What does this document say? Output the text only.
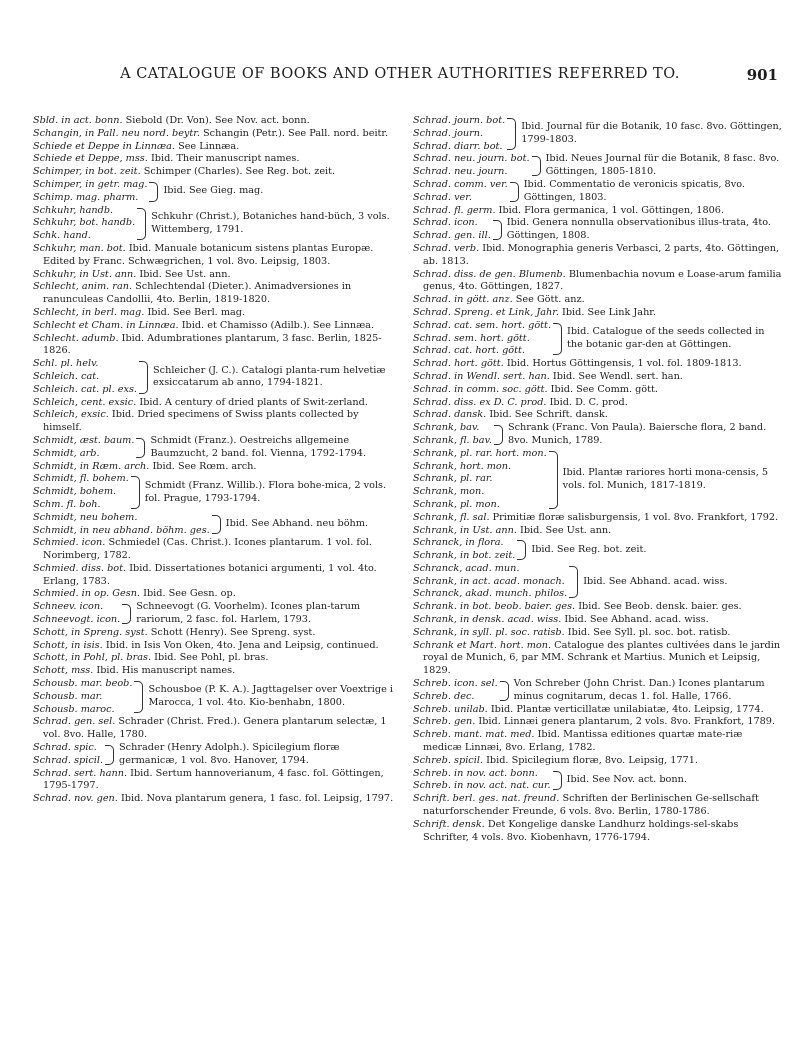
A CATALOGUE OF BOOKS AND OTHER AUTHORITIES REFERRED TO.	901

Sbld. in act. bonn. Siebold (Dr. Von). See Nov. act. bonn.

Schangin, in Pall. neu nord. beytr. Schangin (Petr.). See Pall. nord. beitr.

Schiede et Deppe in Linnæa. See Linnæa.

Schiede et Deppe, mss. Ibid. Their manuscript names.

Schimper, in bot. zeit. Schimper (Charles). See Reg. bot. zeit.

Schimper, in getr. mag.
Schimp. mag. pharm.
Ibid. See Gieg. mag.
Schkuhr, handb.
Schkuhr, bot. handb.
Schk. hand.
Schkuhr (Christ.), Botaniches hand-büch, 3 vols. Wittemberg, 1791.

Schkuhr, man. bot. Ibid. Manuale botanicum sistens plantas Europæ. Edited by Franc. Schwægrichen, 1 vol. 8vo. Leipsig, 1803.

Schkuhr, in Ust. ann. Ibid. See Ust. ann.

Schlecht, anim. ran. Schlechtendal (Dieter.). Animadversiones in ranunculeas Candollii, 4to. Berlin, 1819-1820.

Schlecht, in berl. mag. Ibid. See Berl. mag.

Schlecht et Cham. in Linnæa. Ibid. et Chamisso (Adilb.). See Linnæa.

Schlecht. adumb. Ibid. Adumbrationes plantarum, 3 fasc. Berlin, 1825-1826.

Schl. pl. helv.
Schleich. cat.
Schleich. cat. pl. exs.
Schleicher (J. C.). Catalogi planta-rum helvetiæ exsiccatarum ab anno, 1794-1821.

Schleich, cent. exsic. Ibid. A century of dried plants of Swit-zerland.

Schleich, exsic. Ibid. Dried specimens of Swiss plants collected by himself.

Schmidt, æst. baum.
Schmidt, arb.
Schmidt (Franz.). Oestreichs allgemeine Baumzucht, 2 band. fol. Vienna, 1792-1794.

Schmidt, in Ræm. arch. Ibid. See Rœm. arch.

Schmidt, fl. bohem.
Schmidt, bohem.
Schm. fl. boh.
Schmidt (Franz. Willib.). Flora bohe-mica, 2 vols. fol. Prague, 1793-1794.
Schmidt, neu bohem.
Schmidt, in neu abhand. böhm. ges.
Ibid. See Abhand. neu böhm.

Schmied. icon. Schmiedel (Cas. Christ.). Icones plantarum. 1 vol. fol. Norimberg, 1782.

Schmied. diss. bot. Ibid. Dissertationes botanici argumenti, 1 vol. 4to. Erlang, 1783.

Schmied. in op. Gesn. Ibid. See Gesn. op.

Schneev. icon.
Schneevogt. icon.
Schneevogt (G. Voorhelm). Icones plan-tarum rariorum, 2 fasc. fol. Harlem, 1793.

Schott, in Spreng. syst. Schott (Henry). See Spreng. syst.

Schott, in isis. Ibid. in Isis Von Oken, 4to. Jena and Leipsig, continued.

Schott, in Pohl, pl. bras. Ibid. See Pohl, pl. bras.

Schott, mss. Ibid. His manuscript names.

Schousb. mar. beob.
Schousb. mar.
Schousb. maroc.
Schousboe (P. K. A.). Jagttagelser over Voextrige i Marocca, 1 vol. 4to. Kio-benhabn, 1800.

Schrad. gen. sel. Schrader (Christ. Fred.). Genera plantarum selectæ, 1 vol. 8vo. Halle, 1780.

Schrad. spic.
Schrad. spicil.
Schrader (Henry Adolph.). Spicilegium floræ germanicæ, 1 vol. 8vo. Hanover, 1794.

Schrad. sert. hann. Ibid. Sertum hannoverianum, 4 fasc. fol. Göttingen, 1795-1797.

Schrad. nov. gen. Ibid. Nova plantarum genera, 1 fasc. fol. Leipsig, 1797.

Schrad. journ. bot.
Schrad. journ.
Schrad. diarr. bot.
Ibid. Journal für die Botanik, 10 fasc. 8vo. Göttingen, 1799-1803.
Schrad. neu. journ. bot.
Schrad. neu. journ.
Ibid. Neues Journal für die Botanik, 8 fasc. 8vo. Göttingen, 1805-1810.
Schrad. comm. ver.
Schrad. ver.
Ibid. Commentatio de veronicis spicatis, 8vo. Göttingen, 1803.

Schrad. fl. germ. Ibid. Flora germanica, 1 vol. Göttingen, 1806.

Schrad. icon.
Schrad. gen. ill.
Ibid. Genera nonnulla observationibus illus-trata, 4to. Göttingen, 1808.

Schrad. verb. Ibid. Monographia generis Verbasci, 2 parts, 4to. Göttingen, ab. 1813.

Schrad. diss. de gen. Blumenb. Blumenbachia novum e Loase-arum familia genus, 4to. Göttingen, 1827.

Schrad. in gött. anz. See Gött. anz.

Schrad. Spreng. et Link, Jahr. Ibid. See Link Jahr.

Schrad. cat. sem. hort. gött.
Schrad. sem. hort. gött.
Schrad. cat. hort. gött.
Ibid. Catalogue of the seeds collected in the botanic gar-den at Göttingen.

Schrad. hort. gött. Ibid. Hortus Göttingensis, 1 vol. fol. 1809-1813.

Schrad. in Wendl. sert. han. Ibid. See Wendl. sert. han.

Schrad. in comm. soc. gött. Ibid. See Comm. gött.

Schrad. diss. ex D. C. prod. Ibid. D. C. prod.

Schrad. dansk. Ibid. See Schrift. dansk.

Schrank, bav.
Schrank, fl. bav.
Schrank (Franc. Von Paula). Baiersche flora, 2 band. 8vo. Munich, 1789.
Schrank, pl. rar. hort. mon.
Schrank, hort. mon.
Schrank, pl. rar.
Schrank, mon.
Schrank, pl. mon.
Ibid. Plantæ rariores horti mona-censis, 5 vols. fol. Munich, 1817-1819.

Schrank, fl. sal. Primitiæ floræ salisburgensis, 1 vol. 8vo. Frankfort, 1792.

Schrank, in Ust. ann. Ibid. See Ust. ann.

Schranck, in flora.
Schrank, in bot. zeit.
Ibid. See Reg. bot. zeit.
Schranck, acad. mun.
Schrank, in act. acad. monach.
Schranck, akad. munch. philos.
Ibid. See Abhand. acad. wiss.

Schrank. in bot. beob. baier. ges. Ibid. See Beob. densk. baier. ges.

Schrank, in densk. acad. wiss. Ibid. See Abhand. acad. wiss.

Schrank, in syll. pl. soc. ratisb. Ibid. See Syll. pl. soc. bot. ratisb.

Schrank et Mart. hort. mon. Catalogue des plantes cultivées dans le jardin royal de Munich, 6, par MM. Schrank et Martius. Munich et Leipsig, 1829.

Schreb. icon. sel.
Schreb. dec.
Von Schreber (John Christ. Dan.) Icones plantarum minus cognitarum, decas 1. fol. Halle, 1766.

Schreb. unilab. Ibid. Plantæ verticillatæ unilabiatæ, 4to. Leipsig, 1774.

Schreb. gen. Ibid. Linnæi genera plantarum, 2 vols. 8vo. Frankfort, 1789.

Schreb. mant. mat. med. Ibid. Mantissa editiones quartæ mate-riæ medicæ Linnæi, 8vo. Erlang, 1782.

Schreb. spicil. Ibid. Spicilegium floræ, 8vo. Leipsig, 1771.

Schreb. in nov. act. bonn.
Schreb. in nov. act. nat. cur.
Ibid. See Nov. act. bonn.

Schrift. berl. ges. nat. freund. Schriften der Berlinischen Ge-sellschaft naturforschender Freunde, 6 vols. 8vo. Berlin, 1780-1786.

Schrift. densk. Det Kongelige danske Landhurz holdings-sel-skabs Schrifter, 4 vols. 8vo. Kiobenhavn, 1776-1794.
